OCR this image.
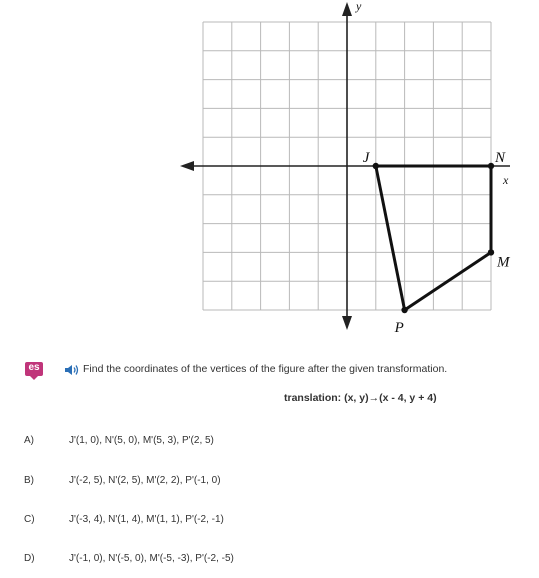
y
x
J	N
M
P
es	Find the coordinates of the vertices of the figure after the given transformation.
translation: (x, y)→(x - 4, y + 4)
A)	J'(1, 0), N'(5, 0), M'(5, 3), P'(2, 5)
B)	J'(-2, 5), N'(2, 5), M'(2, 2), P'(-1, 0)
C)	J'(-3, 4), N'(1, 4), M'(1, 1), P'(-2, -1)
D)	J'(-1, 0), N'(-5, 0), M'(-5, -3), P'(-2, -5)
